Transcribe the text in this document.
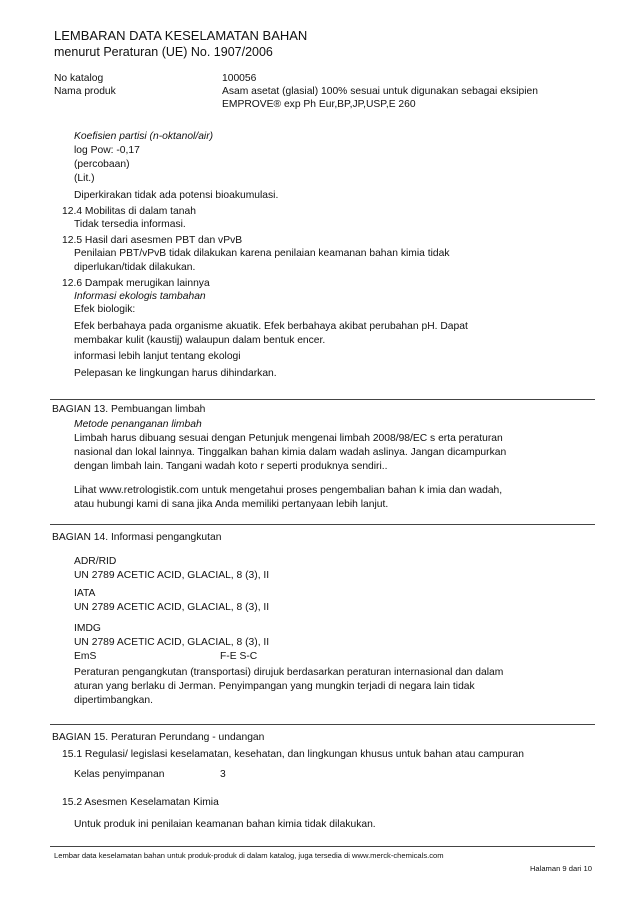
LEMBARAN DATA KESELAMATAN BAHAN
menurut Peraturan (UE) No. 1907/2006
No katalog	100056
Nama produk	Asam asetat (glasial) 100% sesuai untuk digunakan sebagai eksipien
EMPROVE® exp Ph Eur,BP,JP,USP,E 260
Koefisien partisi (n-oktanol/air)
log Pow: -0,17
(percobaan)
(Lit.)
Diperkirakan tidak ada potensi bioakumulasi.
12.4 Mobilitas di dalam tanah
Tidak tersedia informasi.
12.5 Hasil dari asesmen PBT dan vPvB
Penilaian PBT/vPvB tidak dilakukan karena penilaian keamanan bahan kimia tidak
diperlukan/tidak dilakukan.
12.6 Dampak merugikan lainnya
Informasi ekologis tambahan
Efek biologik:
Efek berbahaya pada organisme akuatik. Efek berbahaya akibat perubahan pH. Dapat
membakar kulit (kaustij) walaupun dalam bentuk encer.
informasi lebih lanjut tentang ekologi
Pelepasan ke lingkungan harus dihindarkan.
BAGIAN 13. Pembuangan limbah
Metode penanganan limbah
Limbah harus dibuang sesuai dengan Petunjuk mengenai limbah 2008/98/EC s erta peraturan
nasional dan lokal lainnya. Tinggalkan bahan kimia dalam wadah aslinya. Jangan dicampurkan
dengan limbah lain. Tangani wadah koto r seperti produknya sendiri..
Lihat www.retrologistik.com untuk mengetahui proses pengembalian bahan k imia dan wadah,
atau hubungi kami di sana jika Anda memiliki pertanyaan lebih lanjut.
BAGIAN 14. Informasi pengangkutan
ADR/RID
UN 2789 ACETIC ACID, GLACIAL, 8 (3), II
IATA
UN 2789 ACETIC ACID, GLACIAL, 8 (3), II
IMDG
UN 2789 ACETIC ACID, GLACIAL, 8 (3), II
EmS	F-E S-C
Peraturan pengangkutan (transportasi) dirujuk berdasarkan peraturan internasional dan dalam
aturan yang berlaku di Jerman. Penyimpangan yang mungkin terjadi di negara lain tidak
dipertimbangkan.
BAGIAN 15. Peraturan Perundang - undangan
15.1 Regulasi/ legislasi keselamatan, kesehatan, dan lingkungan khusus untuk bahan atau campuran
Kelas penyimpanan	3
15.2 Asesmen Keselamatan Kimia
Untuk produk ini penilaian keamanan bahan kimia tidak dilakukan.
Lembar data keselamatan bahan untuk produk-produk di dalam katalog, juga tersedia di www.merck-chemicals.com
Halaman 9 dari 10
